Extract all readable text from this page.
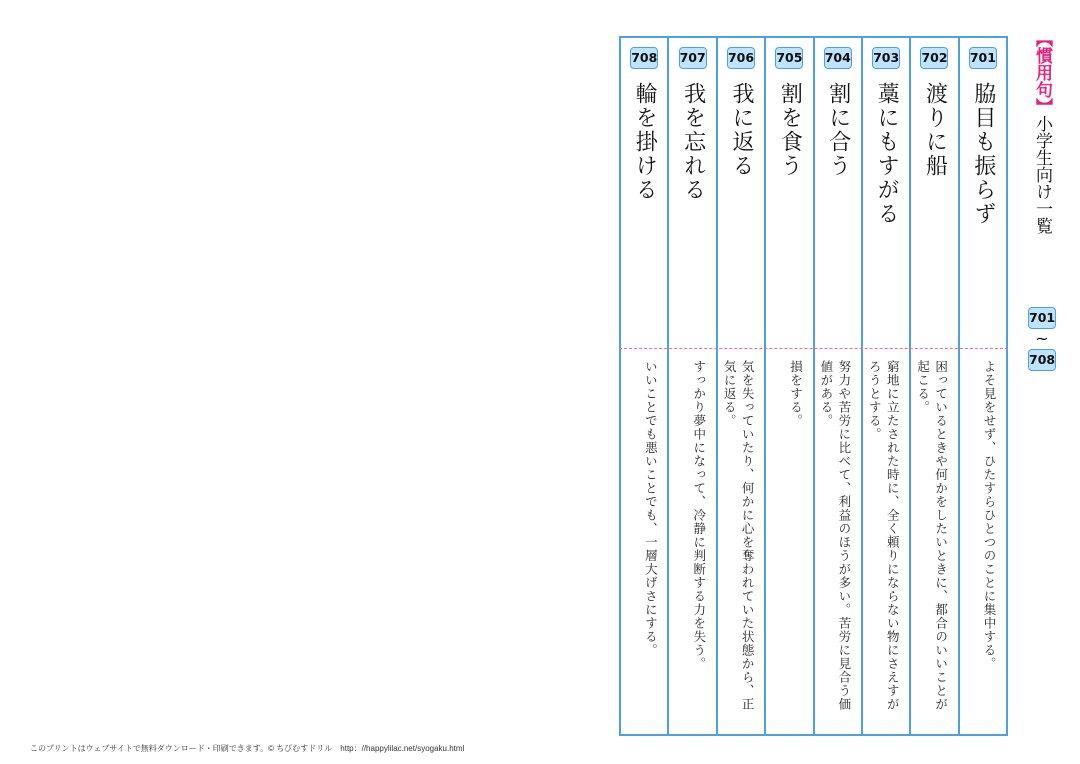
701
脇目も振らず
よそ見をせず、ひたすらひとつのことに集中する。
702
渡りに船
困っているときや何かをしたいときに、都合のいいことが起こる。
703
藁にもすがる
窮地に立たされた時に、全く頼りにならない物にさえすがろうとする。
704
割に合う
努力や苦労に比べて、利益のほうが多い。苦労に見合う価値がある。
705
割を食う
損をする。
706
我に返る
気を失っていたり、何かに心を奪われていた状態から、正気に返る。
707
我を忘れる
すっかり夢中になって、冷静に判断する力を失う。
708
輪を掛ける
いいことでも悪いことでも、一層大げさにする。
【慣用句】小学生向け一覧
701
~
708
このプリントはウェブサイトで無料ダウンロード・印刷できます。© ちびむすドリル　http：//happylilac.net/syogaku.html
